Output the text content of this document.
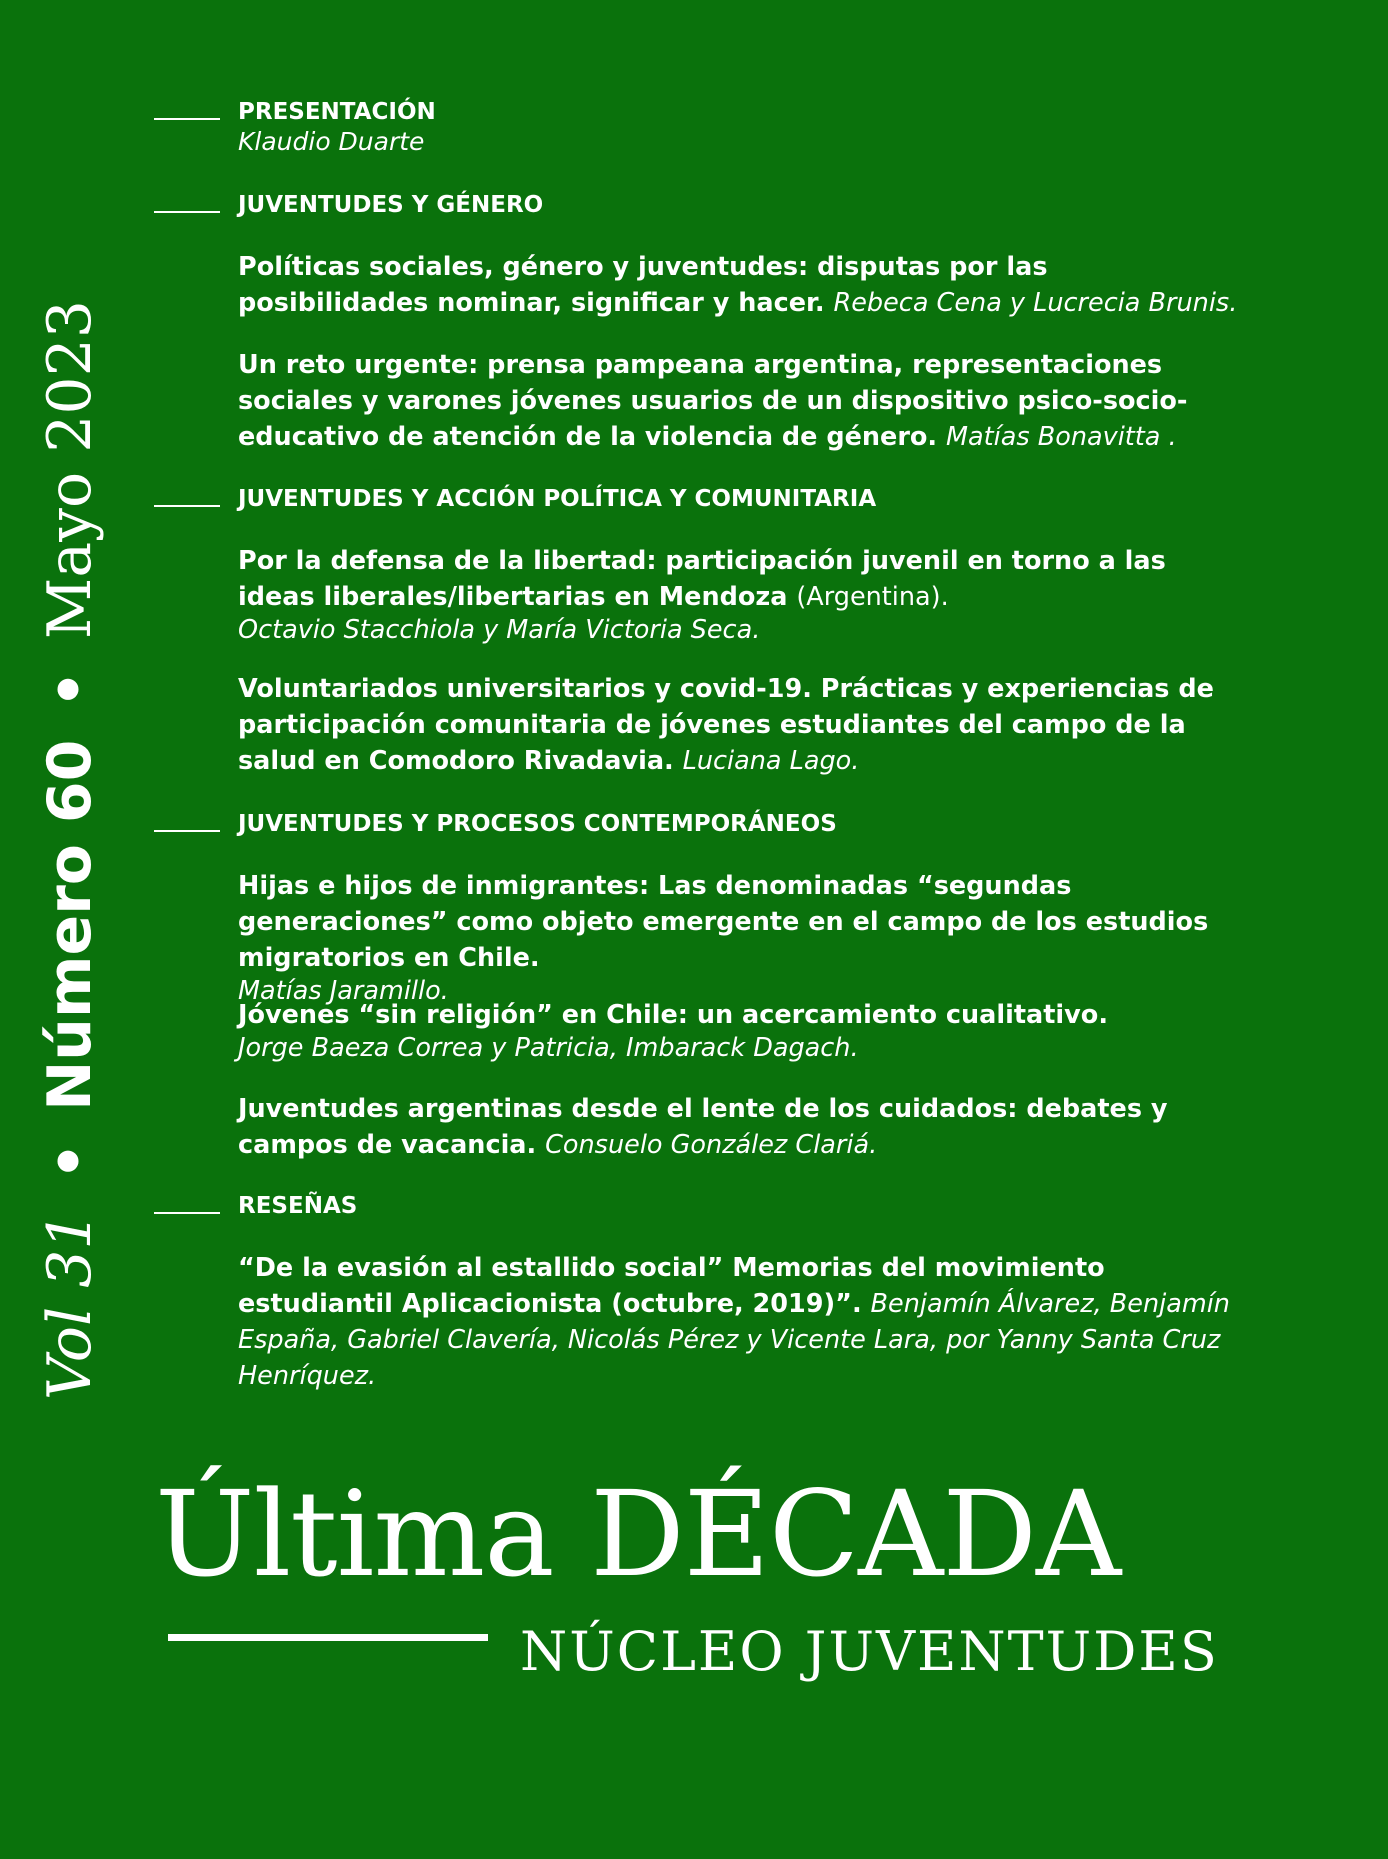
Vol 31 • Número 60 • Mayo 2023
PRESENTACIÓN
Klaudio Duarte
JUVENTUDES Y GÉNERO
Políticas sociales, género y juventudes: disputas por las posibilidades nominar, significar y hacer. Rebeca Cena y Lucrecia Brunis.
Un reto urgente: prensa pampeana argentina, representaciones sociales y varones jóvenes usuarios de un dispositivo psico-socio-educativo de atención de la violencia de género. Matías Bonavitta .
JUVENTUDES Y ACCIÓN POLÍTICA Y COMUNITARIA
Por la defensa de la libertad: participación juvenil en torno a las ideas liberales/libertarias en Mendoza (Argentina).
Octavio Stacchiola y María Victoria Seca.
Voluntariados universitarios y covid-19. Prácticas y experiencias de participación comunitaria de jóvenes estudiantes del campo de la salud en Comodoro Rivadavia. Luciana Lago.
JUVENTUDES Y PROCESOS CONTEMPORÁNEOS
Hijas e hijos de inmigrantes: Las denominadas “segundas generaciones” como objeto emergente en el campo de los estudios migratorios en Chile.
Matías Jaramillo.
Jóvenes “sin religión” en Chile: un acercamiento cualitativo.
Jorge Baeza Correa y Patricia, Imbarack Dagach.
Juventudes argentinas desde el lente de los cuidados: debates y campos de vacancia. Consuelo González Clariá.
RESEÑAS
“De la evasión al estallido social” Memorias del movimiento estudiantil Aplicacionista (octubre, 2019)”. Benjamín Álvarez, Benjamín España, Gabriel Clavería, Nicolás Pérez y Vicente Lara, por Yanny Santa Cruz Henríquez.
Última DÉCADA
NÚCLEO JUVENTUDES
